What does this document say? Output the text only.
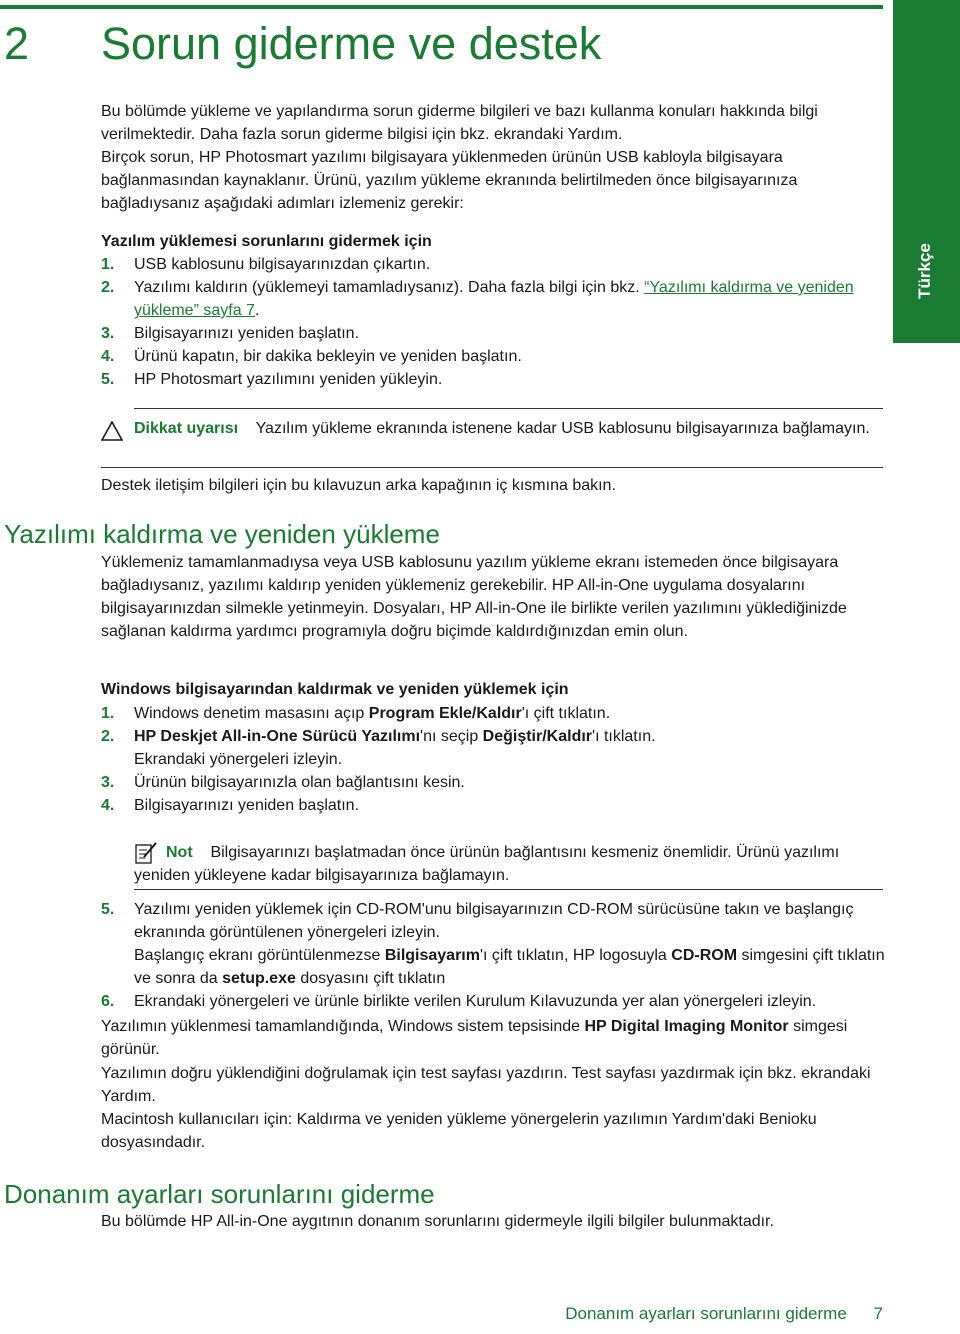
Türkçe
2 Sorun giderme ve destek

Bu bölümde yükleme ve yapılandırma sorun giderme bilgileri ve bazı kullanma konuları hakkında bilgi verilmektedir. Daha fazla sorun giderme bilgisi için bkz. ekrandaki Yardım.

Birçok sorun, HP Photosmart yazılımı bilgisayara yüklenmeden ürünün USB kabloyla bilgisayara bağlanmasından kaynaklanır. Ürünü, yazılım yükleme ekranında belirtilmeden önce bilgisayarınıza bağladıysanız aşağıdaki adımları izlemeniz gerekir:

Yazılım yüklemesi sorunlarını gidermek için

1.	USB kablosunu bilgisayarınızdan çıkartın.
2.	Yazılımı kaldırın (yüklemeyi tamamladıysanız). Daha fazla bilgi için bkz. “Yazılımı kaldırma ve yeniden yükleme” sayfa 7.
3.	Bilgisayarınızı yeniden başlatın.
4.	Ürünü kapatın, bir dakika bekleyin ve yeniden başlatın.
5.	HP Photosmart yazılımını yeniden yükleyin.
Dikkat uyarısı Yazılım yükleme ekranında istenene kadar USB kablosunu bilgisayarınıza bağlamayın.

Destek iletişim bilgileri için bu kılavuzun arka kapağının iç kısmına bakın.

Yazılımı kaldırma ve yeniden yükleme

Yüklemeniz tamamlanmadıysa veya USB kablosunu yazılım yükleme ekranı istemeden önce bilgisayara bağladıysanız, yazılımı kaldırıp yeniden yüklemeniz gerekebilir. HP All-in-One uygulama dosyalarını bilgisayarınızdan silmekle yetinmeyin. Dosyaları, HP All-in-One ile birlikte verilen yazılımını yüklediğinizde sağlanan kaldırma yardımcı programıyla doğru biçimde kaldırdığınızdan emin olun.

Windows bilgisayarından kaldırmak ve yeniden yüklemek için

1.	Windows denetim masasını açıp Program Ekle/Kaldır'ı çift tıklatın.
2.	HP Deskjet All-in-One Sürücü Yazılımı'nı seçip Değiştir/Kaldır'ı tıklatın.
Ekrandaki yönergeleri izleyin.
3.	Ürünün bilgisayarınızla olan bağlantısını kesin.
4.	Bilgisayarınızı yeniden başlatın.
Not Bilgisayarınızı başlatmadan önce ürünün bağlantısını kesmeniz önemlidir. Ürünü yazılımı yeniden yükleyene kadar bilgisayarınıza bağlamayın.
5.	Yazılımı yeniden yüklemek için CD-ROM'unu bilgisayarınızın CD-ROM sürücüsüne takın ve başlangıç ekranında görüntülenen yönergeleri izleyin.
Başlangıç ekranı görüntülenmezse Bilgisayarım'ı çift tıklatın, HP logosuyla CD-ROM simgesini çift tıklatın ve sonra da setup.exe dosyasını çift tıklatın
6.	Ekrandaki yönergeleri ve ürünle birlikte verilen Kurulum Kılavuzunda yer alan yönergeleri izleyin.

Yazılımın yüklenmesi tamamlandığında, Windows sistem tepsisinde HP Digital Imaging Monitor simgesi görünür.

Yazılımın doğru yüklendiğini doğrulamak için test sayfası yazdırın. Test sayfası yazdırmak için bkz. ekrandaki Yardım.

Macintosh kullanıcıları için: Kaldırma ve yeniden yükleme yönergelerin yazılımın Yardım'daki Benioku dosyasındadır.

Donanım ayarları sorunlarını giderme

Bu bölümde HP All-in-One aygıtının donanım sorunlarını gidermeyle ilgili bilgiler bulunmaktadır.

Donanım ayarları sorunlarını giderme 7
